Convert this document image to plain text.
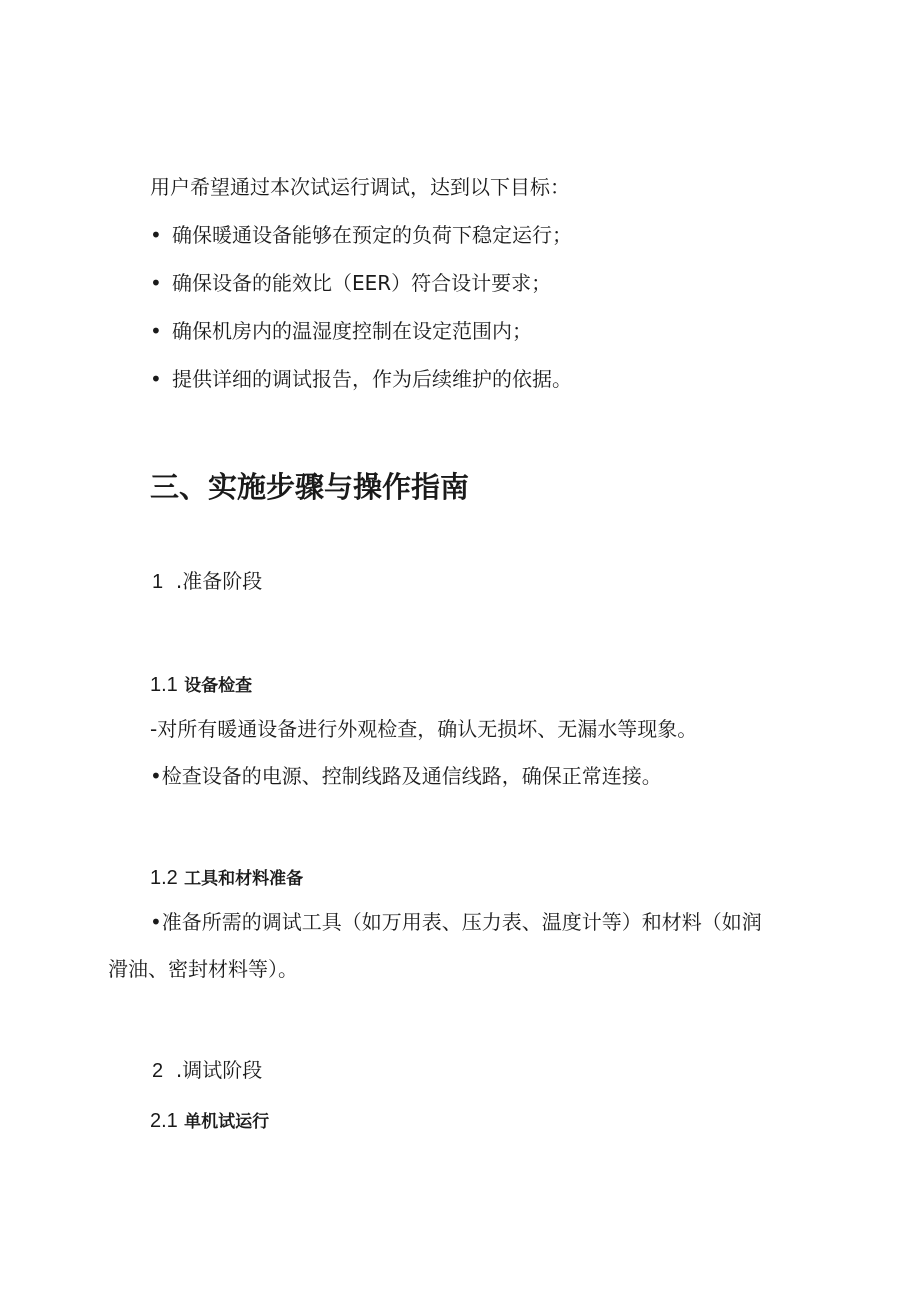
用户希望通过本次试运行调试，达到以下目标：
• 确保暖通设备能够在预定的负荷下稳定运行；
• 确保设备的能效比（EER）符合设计要求；
• 确保机房内的温湿度控制在设定范围内；
• 提供详细的调试报告，作为后续维护的依据。
三、实施步骤与操作指南
1 .准备阶段
1.1 设备检查
-对所有暖通设备进行外观检查，确认无损坏、无漏水等现象。
•检查设备的电源、控制线路及通信线路，确保正常连接。
1.2 工具和材料准备
•准备所需的调试工具（如万用表、压力表、温度计等）和材料（如润
滑油、密封材料等）。
2 .调试阶段
2.1 单机试运行
